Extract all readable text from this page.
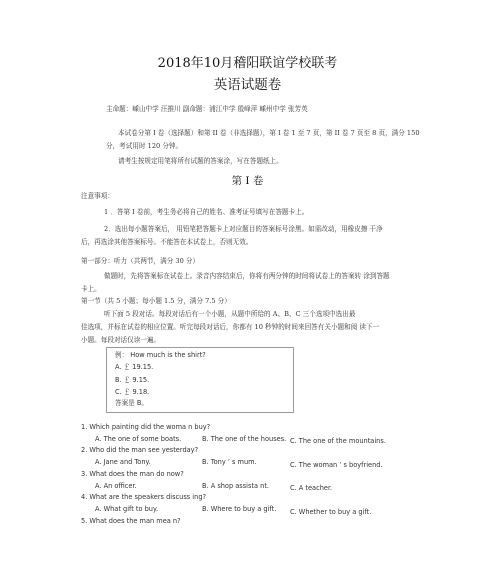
2018年10月稽阳联谊学校联考
英语试题卷
主命题：嵊山中学 汪推川 副命题：浦江中学 殷峰萍 嵊州中学 张芳英
本试卷分第 I 卷（选择题）和第 II 卷（非选择题），第 I 卷 1 至 7 页，第 II 卷 7 页至 8 页，满分 150
分，考试用时 120 分钟。
请考生按规定用笔将所有试题的答案涂，写在答题纸上。
第 I 卷
注意事项：
1 ．答第 I 卷前，考生务必将自己的姓名、准考证号填写在答题卡上。
2．选出每小题答案后， 用铅笔把答题卡上对应题目的答案标号涂黑。如需改动，用橡皮擦 干净
后，再选涂其他答案标号。不能答在本试卷上，否则无效。
第一部分：听力（共两节，满分 30 分）
做题时，先将答案标在试卷上。录音内容结束后，你将有两分钟的时间将试卷上的答案转 涂到答题
卡上。
第一节（共 5 小题；每小题 1.5 分，满分 7.5 分）
听下面 5 段对话。每段对话后有一个小题，从题中所给的 A、B、C 三个选项中选出最
佳选项，并标在试卷的相应位置。听完每段对话后，你都有 10 秒钟的时间来回答有关小题和阅 读下一
小题。每段对话仅读一遍。
例： How much is the shirt?
A. ￡ 19.15.
B. ￡ 9.15.
C. ￡ 9.18.
答案是 B。
1. Which painting did the woma n buy?
A. The one of some boats.	B. The one of the houses. C. The one of the mountains.
2. Who did the man see yesterday?
A. Jane and Tony.	B. Tony ’ s mum.	C. The woman ’ s boyfriend.
3. What does the man do now?
A. An officer.	B. A shop assista nt.	C. A teacher.
4. What are the speakers discuss ing?
A. What gift to buy.	B. Where to buy a gift. C. Whether to buy a gift.
5. What does the man mea n?
